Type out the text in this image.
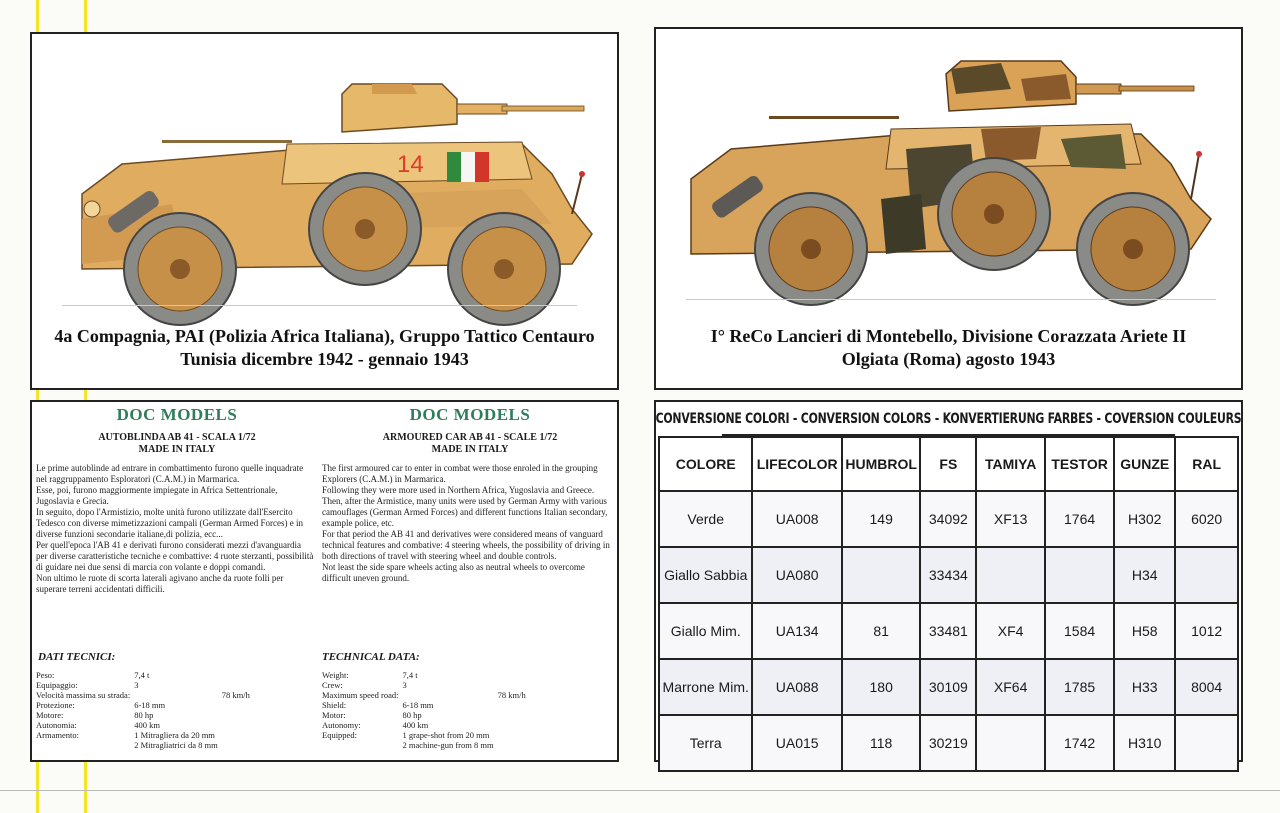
14
4a Compagnia, PAI (Polizia Africa Italiana), Gruppo Tattico Centauro
Tunisia dicembre 1942 - gennaio 1943
I° ReCo Lancieri di Montebello, Divisione Corazzata Ariete II
Olgiata (Roma) agosto 1943
DOC MODELS
AUTOBLINDA AB 41 - SCALA 1/72
MADE IN ITALY

Le prime autoblinde ad entrare in combattimento furono quelle inquadrate nel raggruppamento Esploratori (C.A.M.) in Marmarica.

Esse, poi, furono maggiormente impiegate in Africa Settentrionale, Jugoslavia e Grecia.

In seguito, dopo l'Armistizio, molte unità furono utilizzate dall'Esercito Tedesco con diverse mimetizzazioni campali (German Armed Forces) e in diverse funzioni secondarie italiane,di polizia, ecc...

Per quell'epoca l'AB 41 e derivati furono considerati mezzi d'avanguardia per diverse caratteristiche tecniche e combattive: 4 ruote sterzanti, possibilità di guidare nei due sensi di marcia con volante e doppi comandi.

Non ultimo le ruote di scorta laterali agivano anche da ruote folli per superare terreni accidentati difficili.

DATI TECNICI:
Peso:	7,4 t	
Equipaggio:	3	
Velocità massima su strada:		78 km/h
Protezione:	6-18 mm	
Motore:	80 hp	
Autonomia:	400 km	
Armamento:	1 Mitragliera da 20 mm	
	2 Mitragliatrici da 8 mm	
DOC MODELS
ARMOURED CAR AB 41 - SCALE 1/72
MADE IN ITALY

The first armoured car to enter in combat were those enroled in the grouping Explorers (C.A.M.) in Marmarica.

Following they were more used in Northern Africa, Yugoslavia and Greece.

Then, after the Armistice, many units were used by German Army with various camouflages (German Armed Forces) and different functions Italian secondary, example police, etc.

For that period the AB 41 and derivatives were considered means of vanguard technical features and combative: 4 steering wheels, the possibility of driving in both directions of travel with steering wheel and double controls.

Not least the side spare wheels acting also as neutral wheels to overcome difficult uneven ground.

TECHNICAL DATA:
Weight:	7,4 t	
Crew:	3	
Maximum speed road:		78 km/h
Shield:	6-18 mm	
Motor:	80 hp	
Autonomy:	400 km	
Equipped:	1 grape-shot from 20 mm	
	2 machine-gun from 8 mm	
CONVERSIONE COLORI - CONVERSION COLORS - KONVERTIERUNG FARBES - COVERSION COULEURS
COLORE	LIFECOLOR	HUMBROL	FS	TAMIYA	TESTOR	GUNZE	RAL
Verde	UA008	149	34092	XF13	1764	H302	6020
Giallo Sabbia	UA080		33434			H34	
Giallo Mim.	UA134	81	33481	XF4	1584	H58	1012
Marrone Mim.	UA088	180	30109	XF64	1785	H33	8004
Terra	UA015	118	30219		1742	H310	
